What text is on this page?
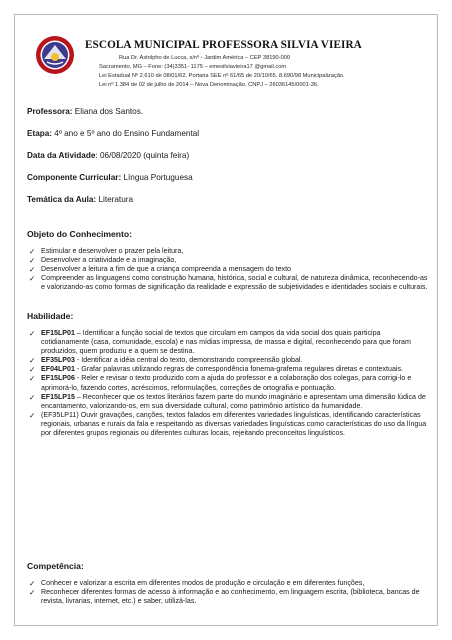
ESCOLA MUNICIPAL PROFESSORA SILVIA VIEIRA
Rua Dr. Astolpho de Lucca, s/nº - Jardim América – CEP 38190-000
Sacramento, MG – Fone: (34)3351- 1175 – emesilviavieira17 @gmail.com
Lei Estadual Nº 2.610 de 08/01/62. Portaria SEE nº 61/65 de 20/10/65. 8.690/98 Municipalização.
Lei nº 1.384 de 02 de julho de 2014 – Nova Denominação. CNPJ – 26036145/0001-36.
Professora: Eliana dos Santos.
Etapa: 4º ano e 5º ano do Ensino Fundamental
Data da Atividade: 06/08/2020 (quinta feira)
Componente Curricular: Língua Portuguesa
Temática da Aula: Literatura
Objeto do Conhecimento:
✓ Estimular e desenvolver o prazer pela leitura,
✓ Desenvolver a criatividade e a imaginação,
✓ Desenvolver a leitura a fim de que a criança compreenda a mensagem do texto
✓ Compreender as linguagens como construção humana, histórica, social e cultural, de natureza dinâmica, reconhecendo-as e valorizando-as como formas de significação da realidade e expressão de subjetividades e identidades sociais e culturais.
Habilidade:
✓ EF15LP01 – Identificar a função social de textos que circulam em campos da vida social dos quais participa cotidianamente (casa, comunidade, escola) e nas mídias impressa, de massa e digital, reconhecendo para que foram produzidos, quem produziu e a quem se destina.
✓ EF35LP03 - Identificar a idéia central do texto, demonstrando compreensão global.
✓ EF04LP01 - Grafar palavras utilizando regras de correspondência fonema-grafema regulares diretas e contextuais.
✓ EF15LP06 - Reler e revisar o texto produzido com a ajuda do professor e a colaboração dos colegas, para corrigi-lo e aprimorá-lo, fazendo cortes, acréscimos, reformulações, correções de ortografia e pontuação.
✓ EF15LP15 – Reconhecer que os textos literários fazem parte do mundo imaginário e apresentam uma dimensão lúdica de encantamento, valorizando-os, em sua diversidade cultural, como patrimônio artístico da humanidade.
✓ (EF35LP11) Ouvir gravações, canções, textos falados em diferentes variedades linguísticas, identificando características regionais, urbanas e rurais da fala e respeitando as diversas variedades linguísticas como características do uso da língua por diferentes grupos regionais ou diferentes culturas locais, rejeitando preconceitos linguísticos.
Competência:
✓ Conhecer e valorizar a escrita em diferentes modos de produção e circulação e em diferentes funções,
✓ Reconhecer diferentes formas de acesso à informação e ao conhecimento, em linguagem escrita, (biblioteca, bancas de revista, livrarias, internet, etc.) e saber, utilizá-las.
